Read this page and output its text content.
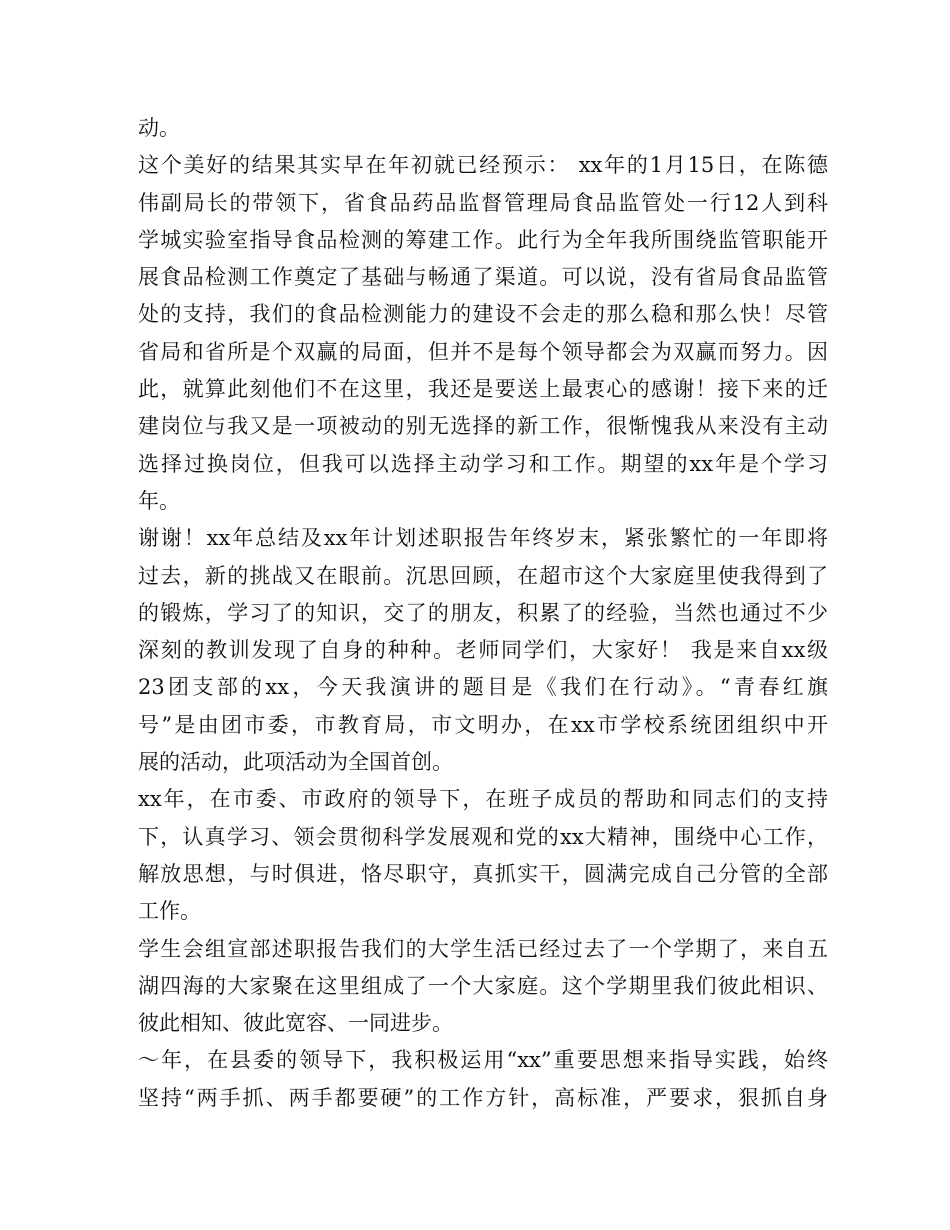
动。
这个美好的结果其实早在年初就已经预示： xx年的1月15日，在陈德
伟副局长的带领下，省食品药品监督管理局食品监管处一行12人到科
学城实验室指导食品检测的筹建工作。此行为全年我所围绕监管职能开
展食品检测工作奠定了基础与畅通了渠道。可以说，没有省局食品监管
处的支持，我们的食品检测能力的建设不会走的那么稳和那么快！尽管
省局和省所是个双赢的局面，但并不是每个领导都会为双赢而努力。因
此，就算此刻他们不在这里，我还是要送上最衷心的感谢！接下来的迁
建岗位与我又是一项被动的别无选择的新工作，很惭愧我从来没有主动
选择过换岗位，但我可以选择主动学习和工作。期望的xx年是个学习
年。
谢谢！xx年总结及xx年计划述职报告年终岁末，紧张繁忙的一年即将
过去，新的挑战又在眼前。沉思回顾，在超市这个大家庭里使我得到了
的锻炼，学习了的知识，交了的朋友，积累了的经验，当然也通过不少
深刻的教训发现了自身的种种。老师同学们，大家好！ 我是来自xx级
23团支部的xx，今天我演讲的题目是《我们在行动》。“青春红旗
号”是由团市委，市教育局，市文明办，在xx市学校系统团组织中开
展的活动，此项活动为全国首创。
xx年，在市委、市政府的领导下，在班子成员的帮助和同志们的支持
下，认真学习、领会贯彻科学发展观和党的xx大精神，围绕中心工作，
解放思想，与时俱进，恪尽职守，真抓实干，圆满完成自己分管的全部
工作。
学生会组宣部述职报告我们的大学生活已经过去了一个学期了，来自五
湖四海的大家聚在这里组成了一个大家庭。这个学期里我们彼此相识、
彼此相知、彼此宽容、一同进步。
～年，在县委的领导下，我积极运用“xx”重要思想来指导实践，始终
坚持“两手抓、两手都要硬”的工作方针，高标准，严要求，狠抓自身
